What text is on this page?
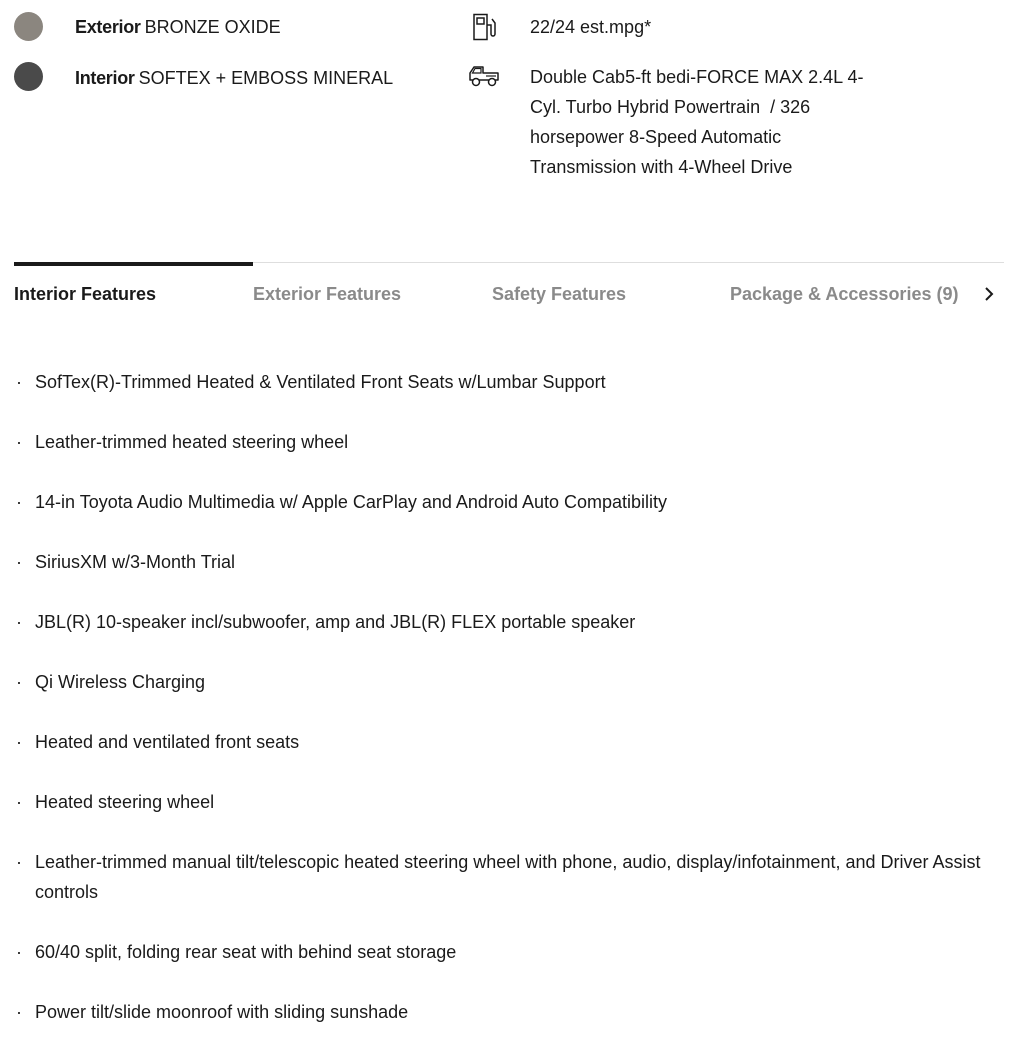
Exterior BRONZE OXIDE
Interior SOFTEX + EMBOSS MINERAL
22/24 est.mpg*
Double Cab5-ft bedi-FORCE MAX 2.4L 4-
Cyl. Turbo Hybrid Powertrain  / 326
horsepower 8-Speed Automatic
Transmission with 4-Wheel Drive
Interior Features	Exterior Features	Safety Features	Package & Accessories (9)
· SofTex(R)-Trimmed Heated & Ventilated Front Seats w/Lumbar Support
· Leather-trimmed heated steering wheel
· 14-in Toyota Audio Multimedia w/ Apple CarPlay and Android Auto Compatibility
· SiriusXM w/3-Month Trial
· JBL(R) 10-speaker incl/subwoofer, amp and JBL(R) FLEX portable speaker
· Qi Wireless Charging
· Heated and ventilated front seats
· Heated steering wheel
· Leather-trimmed manual tilt/telescopic heated steering wheel with phone, audio, display/infotainment, and Driver Assist controls
· 60/40 split, folding rear seat with behind seat storage
· Power tilt/slide moonroof with sliding sunshade
